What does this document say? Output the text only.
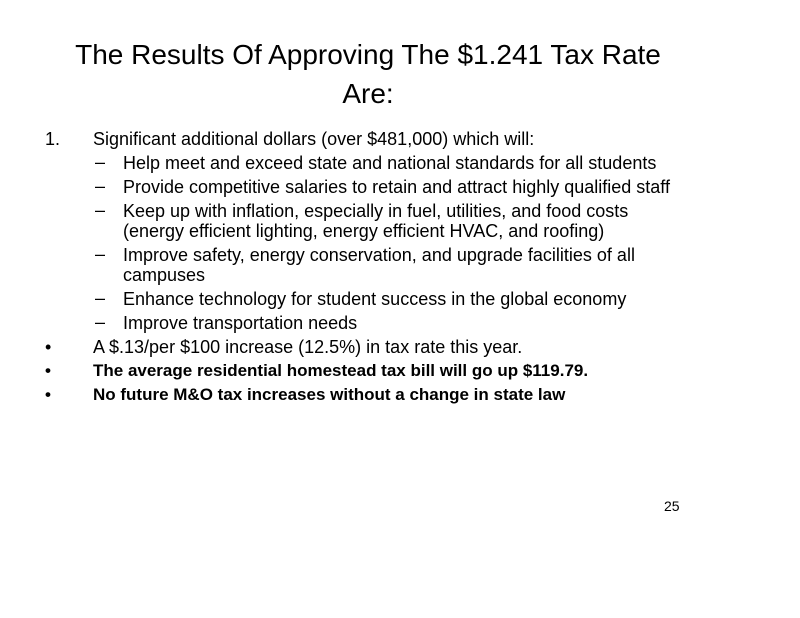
The Results Of Approving The $1.241 Tax Rate Are:
1. Significant additional dollars (over $481,000) which will:
– Help meet and exceed state and national standards for all students
– Provide competitive salaries to retain and attract highly qualified staff
– Keep up with inflation, especially in fuel, utilities, and food costs (energy efficient lighting, energy efficient HVAC, and roofing)
– Improve safety, energy conservation, and upgrade facilities of all campuses
– Enhance technology for student success in the global economy
– Improve transportation needs
• A $.13/per $100 increase (12.5%) in tax rate this year.
• The average residential homestead tax bill will go up $119.79.
• No future M&O tax increases without a change in state law
25
